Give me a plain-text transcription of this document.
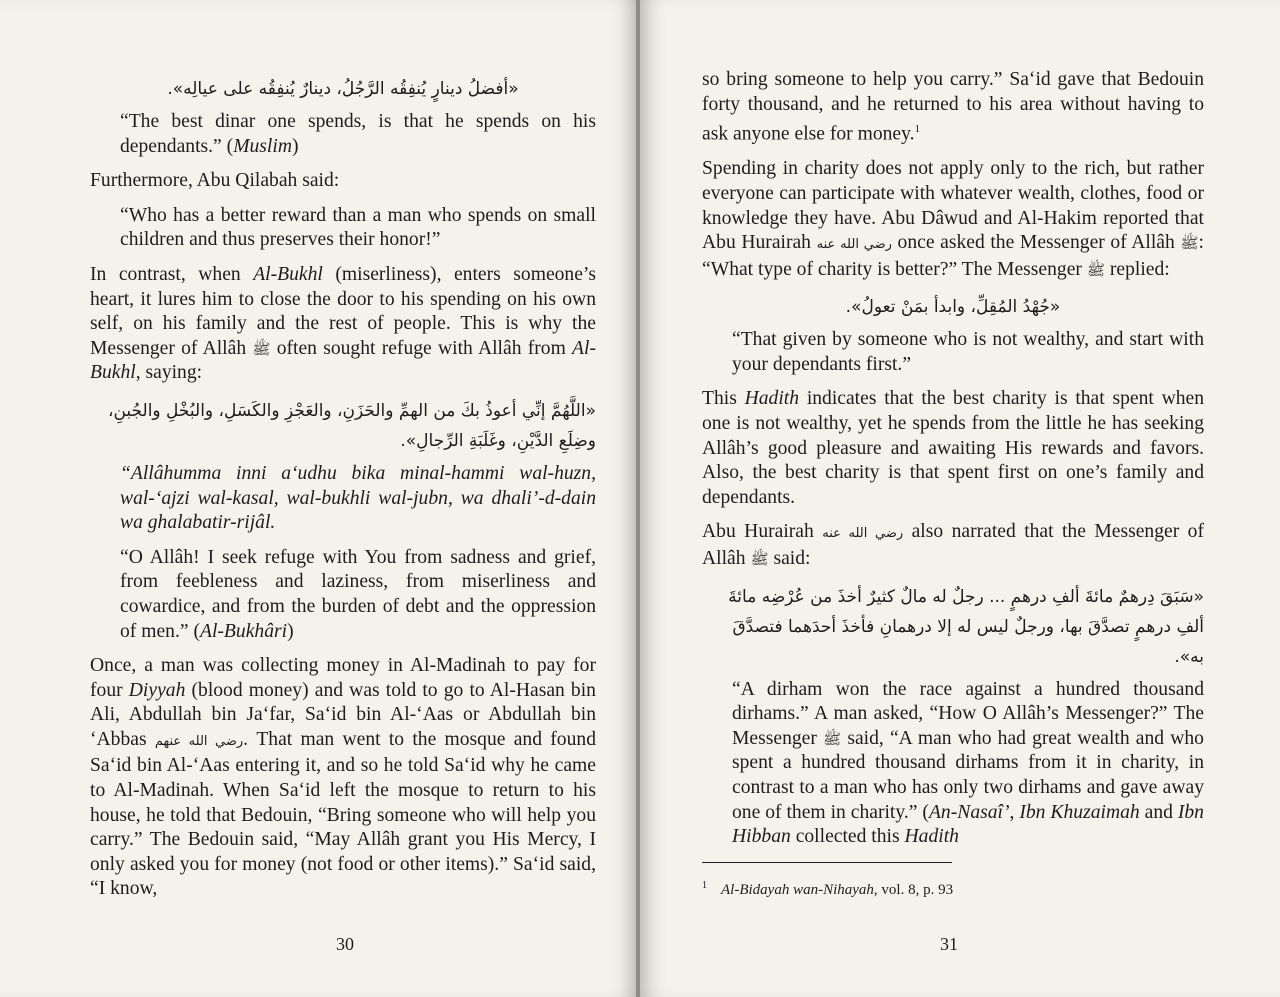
«أفضلُ دينارٍ يُنفِقُه الرَّجُلُ، دينارٌ يُنفِقُه على عيالِه».

“The best dinar one spends, is that he spends on his dependants.” (Muslim)

Furthermore, Abu Qilabah said:

“Who has a better reward than a man who spends on small children and thus preserves their honor!”

In contrast, when Al-Bukhl (miserliness), enters someone’s heart, it lures him to close the door to his spending on his own self, on his family and the rest of people. This is why the Messenger of Allâh ﷺ often sought refuge with Allâh from Al-Bukhl, saying:

«اللَّهُمَّ إنِّي أعوذُ بكَ من الهمِّ والحَزَنِ، والعَجْزِ والكَسَلِ، والبُخْلِ والجُبنِ، وضِلَعِ الدَّيْنِ، وغَلَبَةِ الرِّجالِ».

“Allâhumma inni a‘udhu bika minal-hammi wal-huzn, wal-‘ajzi wal-kasal, wal-bukhli wal-jubn, wa dhali’-d-dain wa ghalabatir-rijâl.

“O Allâh! I seek refuge with You from sadness and grief, from feebleness and laziness, from miserliness and cowardice, and from the burden of debt and the oppression of men.” (Al-Bukhâri)

Once, a man was collecting money in Al-Madinah to pay for four Diyyah (blood money) and was told to go to Al-Hasan bin Ali, Abdullah bin Ja‘far, Sa‘id bin Al-‘Aas or Abdullah bin ‘Abbas رضي الله عنهم. That man went to the mosque and found Sa‘id bin Al-‘Aas entering it, and so he told Sa‘id why he came to Al-Madinah. When Sa‘id left the mosque to return to his house, he told that Bedouin, “Bring someone who will help you carry.” The Bedouin said, “May Allâh grant you His Mercy, I only asked you for money (not food or other items).” Sa‘id said, “I know,

30

so bring someone to help you carry.” Sa‘id gave that Bedouin forty thousand, and he returned to his area without having to ask anyone else for money.$^1$

Spending in charity does not apply only to the rich, but rather everyone can participate with whatever wealth, clothes, food or knowledge they have. Abu Dâwud and Al-Hakim reported that Abu Hurairah رضي الله عنه once asked the Messenger of Allâh ﷺ: “What type of charity is better?” The Messenger ﷺ replied:

«جُهْدُ المُقِلِّ، وابدأ بمَنْ تعولُ».

“That given by someone who is not wealthy, and start with your dependants first.”

This Hadith indicates that the best charity is that spent when one is not wealthy, yet he spends from the little he has seeking Allâh’s good pleasure and awaiting His rewards and favors. Also, the best charity is that spent first on one’s family and dependants.

Abu Hurairah رضي الله عنه also narrated that the Messenger of Allâh ﷺ said:

«سَبَقَ دِرهمٌ مائةَ ألفِ درهمٍ ... رجلٌ له مالٌ كثيرٌ أخذَ من عُرْضِه مائةَ ألفِ درهمٍ تصدَّقَ بها، ورجلٌ ليس له إلا درهمانِ فأخذَ أحدَهما فتصدَّقَ به».

“A dirham won the race against a hundred thousand dirhams.” A man asked, “How O Allâh’s Messenger?” The Messenger ﷺ said, “A man who had great wealth and who spent a hundred thousand dirhams from it in charity, in contrast to a man who has only two dirhams and gave away one of them in charity.” (An-Nasaî’, Ibn Khuzaimah and Ibn Hibban collected this Hadith

$^1$ Al-Bidayah wan-Nihayah, vol. 8, p. 93
31
